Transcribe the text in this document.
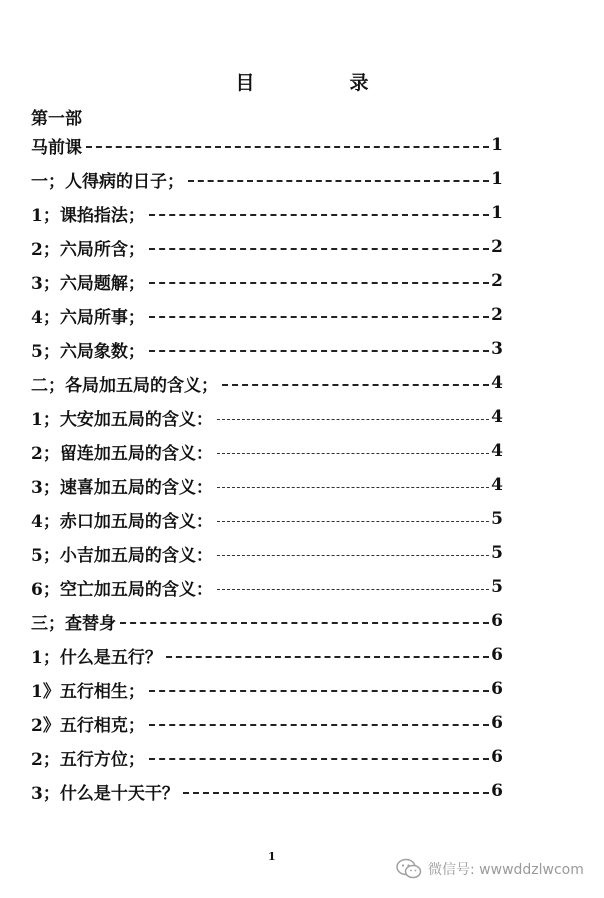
目　录
第一部
马前课	1
一；人得病的日子；	1
1；课掐指法；	1
2；六局所含；	2
3；六局题解；	2
4；六局所事；	2
5；六局象数；	3
二；各局加五局的含义；	4
1；大安加五局的含义：	4
2；留连加五局的含义：	4
3；速喜加五局的含义：	4
4；赤口加五局的含义：	5
5；小吉加五局的含义：	5
6；空亡加五局的含义：	5
三；查替身	6
1；什么是五行？	6
1》五行相生；	6
2》五行相克；	6
2；五行方位；	6
3；什么是十天干？	6
1
微信号: wwwddzlwcom
